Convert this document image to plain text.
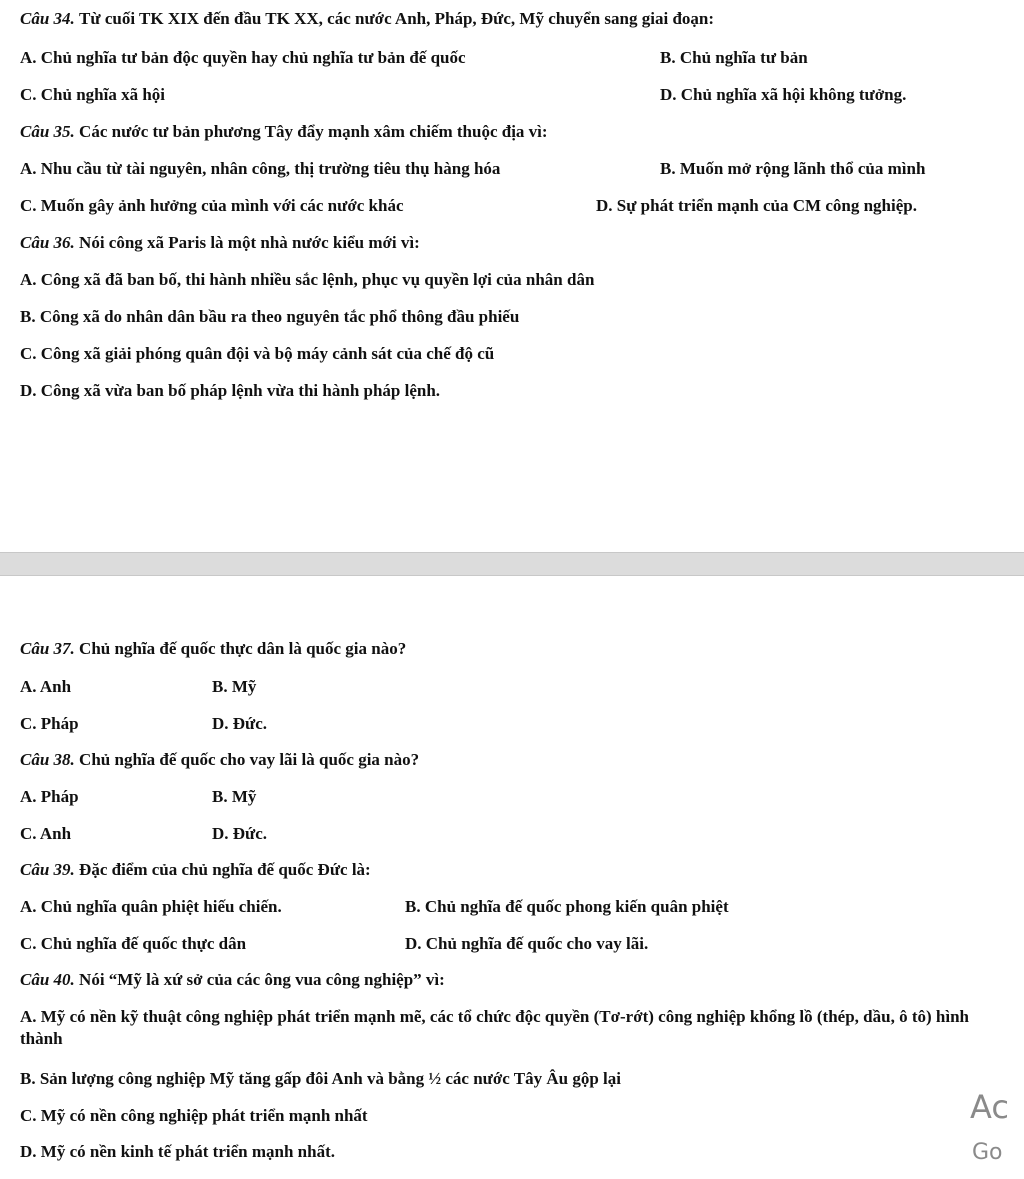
Câu 34. Từ cuối TK XIX đến đầu TK XX, các nước Anh, Pháp, Đức, Mỹ chuyển sang giai đoạn:
A. Chủ nghĩa tư bản độc quyền hay chủ nghĩa tư bản đế quốc	B. Chủ nghĩa tư bản
C. Chủ nghĩa xã hội	D. Chủ nghĩa xã hội không tưởng.
Câu 35. Các nước tư bản phương Tây đẩy mạnh xâm chiếm thuộc địa vì:
A. Nhu cầu từ tài nguyên, nhân công, thị trường tiêu thụ hàng hóa	B. Muốn mở rộng lãnh thổ của mình
C. Muốn gây ảnh hưởng của mình với các nước khác	D. Sự phát triển mạnh của CM công nghiệp.
Câu 36. Nói công xã Paris là một nhà nước kiểu mới vì:
A. Công xã đã ban bố, thi hành nhiều sắc lệnh, phục vụ quyền lợi của nhân dân
B. Công xã do nhân dân bầu ra theo nguyên tắc phổ thông đầu phiếu
C. Công xã giải phóng quân đội và bộ máy cảnh sát của chế độ cũ
D. Công xã vừa ban bố pháp lệnh vừa thi hành pháp lệnh.
Câu 37. Chủ nghĩa đế quốc thực dân là quốc gia nào?
A. Anh	B. Mỹ
C. Pháp	D. Đức.
Câu 38. Chủ nghĩa đế quốc cho vay lãi là quốc gia nào?
A. Pháp	B. Mỹ
C. Anh	D. Đức.
Câu 39. Đặc điểm của chủ nghĩa đế quốc Đức là:
A. Chủ nghĩa quân phiệt hiếu chiến.	B. Chủ nghĩa đế quốc phong kiến quân phiệt
C. Chủ nghĩa đế quốc thực dân	D. Chủ nghĩa đế quốc cho vay lãi.
Câu 40. Nói “Mỹ là xứ sở của các ông vua công nghiệp” vì:
A. Mỹ có nền kỹ thuật công nghiệp phát triển mạnh mẽ, các tổ chức độc quyền (Tơ-rớt) công nghiệp khổng lồ (thép, dầu, ô tô) hình thành
B. Sản lượng công nghiệp Mỹ tăng gấp đôi Anh và bằng ½ các nước Tây Âu gộp lại
C. Mỹ có nền công nghiệp phát triển mạnh nhất
D. Mỹ có nền kinh tế phát triển mạnh nhất.
Ac
Go
